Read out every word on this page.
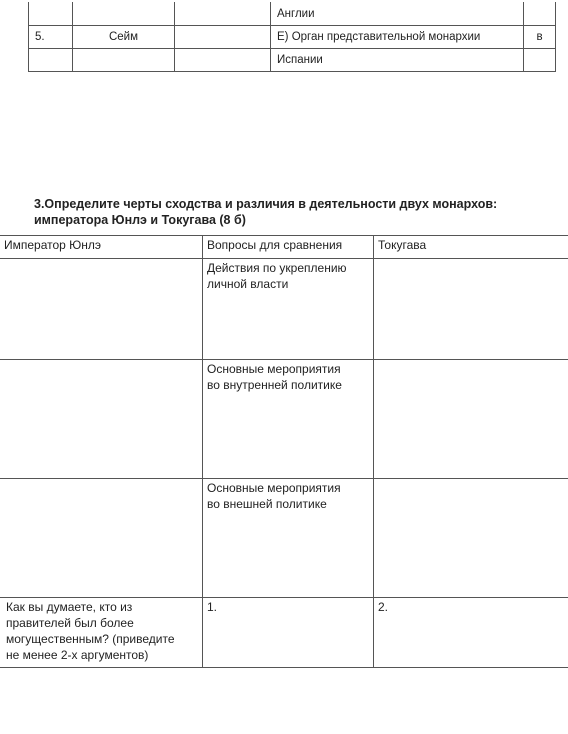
			Англии	
5.	Сейм		Е) Орган представительной монархии	в
			Испании	
3.Определите черты сходства и различия в деятельности двух монархов:
императора Юнлэ и Токугава (8 б)
Император Юнлэ	Вопросы для сравнения	Токугава

	Действия по укреплению
личной власти	

	Основные мероприятия
во внутренней политике	

	Основные мероприятия
во внешней политике	

Как вы думаете, кто из
правителей был более
могущественным? (приведите
не менее 2-х аргументов)	1.	2.
